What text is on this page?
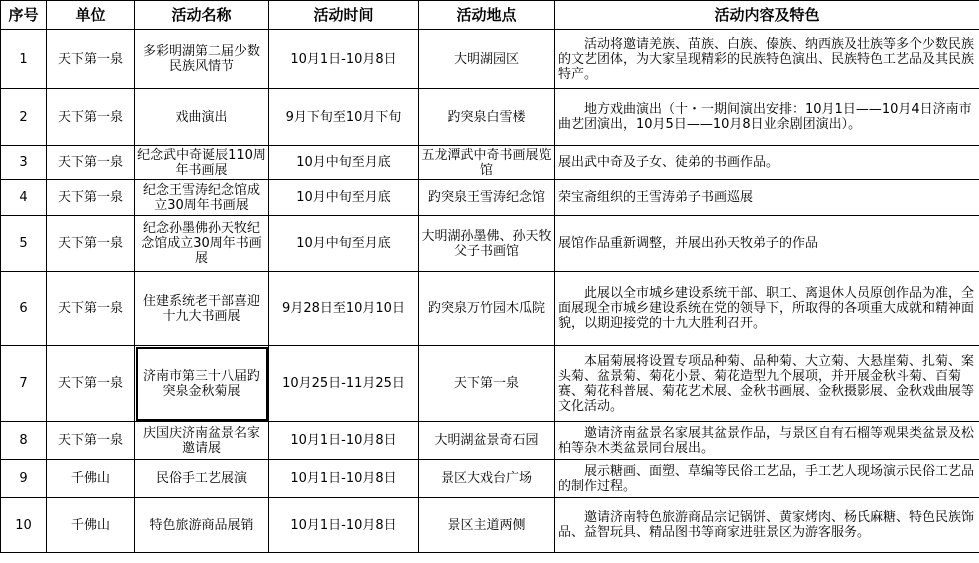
序号	单位	活动名称	活动时间	活动地点	活动内容及特色
1	天下第一泉	多彩明湖第二届少数民族风情节	10月1日-10月8日	大明湖园区	活动将邀请羌族、苗族、白族、傣族、纳西族及壮族等多个少数民族的文艺团体，为大家呈现精彩的民族特色演出、民族特色工艺品及其民族特产。
2	天下第一泉	戏曲演出	9月下旬至10月下旬	趵突泉白雪楼	地方戏曲演出（十・一期间演出安排：10月1日——10月4日济南市曲艺团演出，10月5日——10月8日业余剧团演出）。
3	天下第一泉	纪念武中奇诞辰110周年书画展	10月中旬至月底	五龙潭武中奇书画展览馆	展出武中奇及子女、徒弟的书画作品。
4	天下第一泉	纪念王雪涛纪念馆成立30周年书画展	10月中旬至月底	趵突泉王雪涛纪念馆	荣宝斋组织的王雪涛弟子书画巡展
5	天下第一泉	纪念孙墨佛孙天牧纪念馆成立30周年书画展	10月中旬至月底	大明湖孙墨佛、孙天牧父子书画馆	展馆作品重新调整，并展出孙天牧弟子的作品
6	天下第一泉	住建系统老干部喜迎十九大书画展	9月28日至10月10日	趵突泉万竹园木瓜院	此展以全市城乡建设系统干部、职工、离退休人员原创作品为准，全面展现全市城乡建设系统在党的领导下，所取得的各项重大成就和精神面貌，以期迎接党的十九大胜利召开。
7	天下第一泉	济南市第三十八届趵突泉金秋菊展	10月25日-11月25日	天下第一泉	本届菊展将设置专项品种菊、品种菊、大立菊、大悬崖菊、扎菊、案头菊、盆景菊、菊花小景、菊花造型九个展项，并开展金秋斗菊、百菊赛、菊花科普展、菊花艺术展、金秋书画展、金秋摄影展、金秋戏曲展等文化活动。
8	天下第一泉	庆国庆济南盆景名家邀请展	10月1日-10月8日	大明湖盆景奇石园	邀请济南盆景名家展其盆景作品，与景区自有石榴等观果类盆景及松柏等杂木类盆景同台展出。
9	千佛山	民俗手工艺展演	10月1日-10月8日	景区大戏台广场	展示糖画、面塑、草编等民俗工艺品，手工艺人现场演示民俗工艺品的制作过程。
10	千佛山	特色旅游商品展销	10月1日-10月8日	景区主道两侧	邀请济南特色旅游商品宗记锅饼、黄家烤肉、杨氏麻糖、特色民族饰品、益智玩具、精品图书等商家进驻景区为游客服务。
